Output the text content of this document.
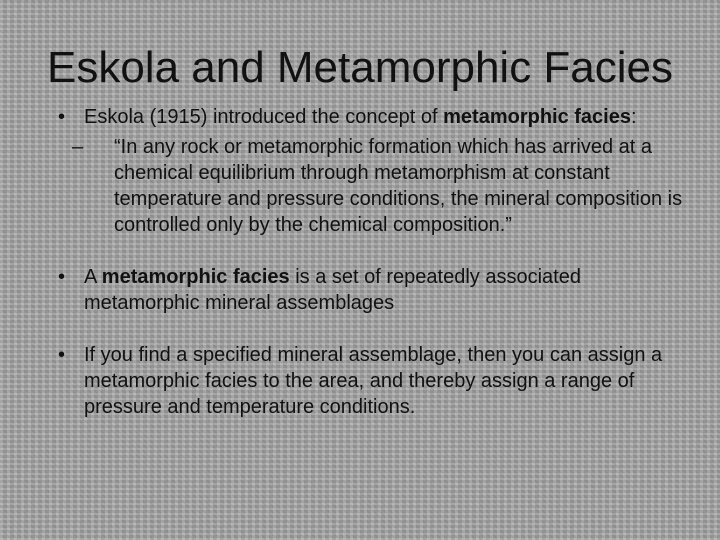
Eskola and Metamorphic Facies
• Eskola (1915) introduced the concept of metamorphic facies:
– “In any rock or metamorphic formation which has arrived at a chemical equilibrium through metamorphism at constant temperature and pressure conditions, the mineral composition is controlled only by the chemical composition.”
• A metamorphic facies is a set of repeatedly associated metamorphic mineral assemblages
• If you find a specified mineral assemblage, then you can assign a metamorphic facies to the area, and thereby assign a range of pressure and temperature conditions.
